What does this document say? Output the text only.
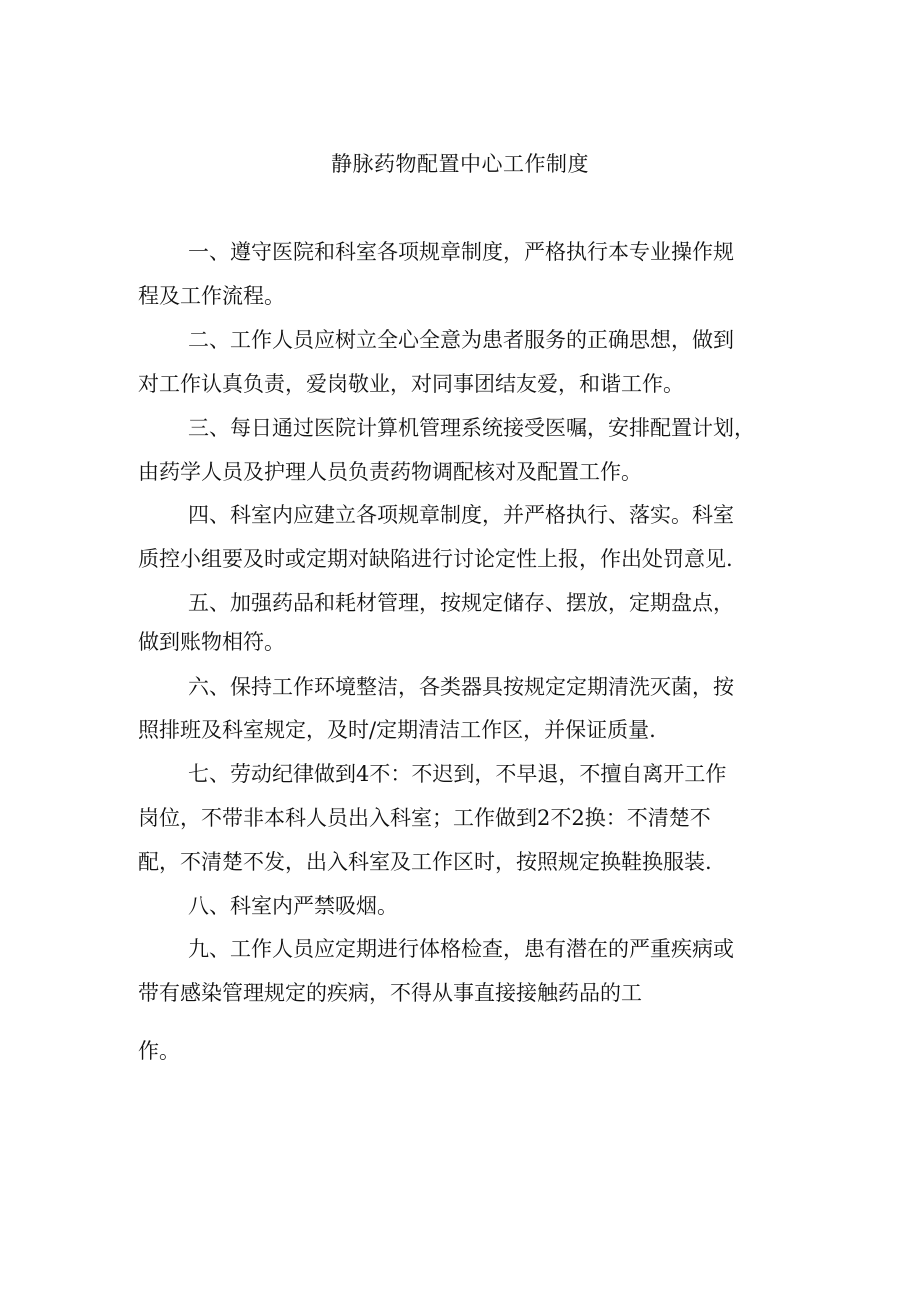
静脉药物配置中心工作制度
一、遵守医院和科室各项规章制度，严格执行本专业操作规
程及工作流程。
二、工作人员应树立全心全意为患者服务的正确思想，做到
对工作认真负责，爱岗敬业，对同事团结友爱，和谐工作。
三、每日通过医院计算机管理系统接受医嘱，安排配置计划，
由药学人员及护理人员负责药物调配核对及配置工作。
四、科室内应建立各项规章制度，并严格执行、落实。科室
质控小组要及时或定期对缺陷进行讨论定性上报，作出处罚意见.
五、加强药品和耗材管理，按规定储存、摆放，定期盘点，
做到账物相符。
六、保持工作环境整洁，各类器具按规定定期清洗灭菌，按
照排班及科室规定，及时/定期清洁工作区，并保证质量.
七、劳动纪律做到4不：不迟到，不早退，不擅自离开工作
岗位，不带非本科人员出入科室；工作做到2不2换：不清楚不
配，不清楚不发，出入科室及工作区时，按照规定换鞋换服装.
八、科室内严禁吸烟。
九、工作人员应定期进行体格检查，患有潜在的严重疾病或
带有感染管理规定的疾病，不得从事直接接触药品的工
作。
